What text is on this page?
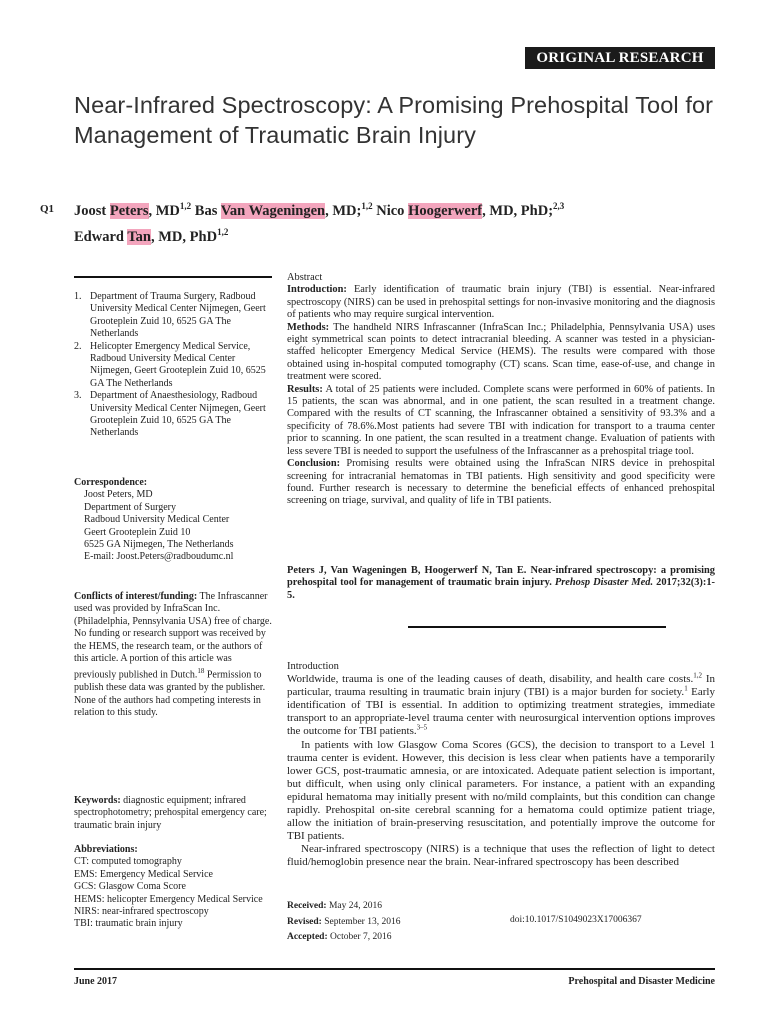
ORIGINAL RESEARCH
Near-Infrared Spectroscopy: A Promising Prehospital Tool for Management of Traumatic Brain Injury
Q1 Joost Peters, MD$^{1,2}$ Bas Van Wageningen, MD;$^{1,2}$ Nico Hoogerwerf, MD, PhD;$^{2,3}$
Edward Tan, MD, PhD$^{1,2}$
1. Department of Trauma Surgery, Radboud University Medical Center Nijmegen, Geert Grooteplein Zuid 10, 6525 GA The Netherlands
2. Helicopter Emergency Medical Service, Radboud University Medical Center Nijmegen, Geert Grooteplein Zuid 10, 6525 GA The Netherlands
3. Department of Anaesthesiology, Radboud University Medical Center Nijmegen, Geert Grooteplein Zuid 10, 6525 GA The Netherlands
Correspondence:
Joost Peters, MD
Department of Surgery
Radboud University Medical Center
Geert Grooteplein Zuid 10
6525 GA Nijmegen, The Netherlands
E-mail: Joost.Peters@radboudumc.nl
Conflicts of interest/funding: The Infrascanner used was provided by InfraScan Inc. (Philadelphia, Pennsylvania USA) free of charge. No funding or research support was received by the HEMS, the research team, or the authors of this article. A portion of this article was previously published in Dutch.$^{18}$ Permission to publish these data was granted by the publisher. None of the authors had competing interests in relation to this study.
Keywords: diagnostic equipment; infrared spectrophotometry; prehospital emergency care; traumatic brain injury
Abbreviations:
CT: computed tomography
EMS: Emergency Medical Service
GCS: Glasgow Coma Score
HEMS: helicopter Emergency Medical Service
NIRS: near-infrared spectroscopy
TBI: traumatic brain injury

Abstract

Introduction: Early identification of traumatic brain injury (TBI) is essential. Near-infrared spectroscopy (NIRS) can be used in prehospital settings for non-invasive monitoring and the diagnosis of patients who may require surgical intervention.

Methods: The handheld NIRS Infrascanner (InfraScan Inc.; Philadelphia, Pennsylvania USA) uses eight symmetrical scan points to detect intracranial bleeding. A scanner was tested in a physician-staffed helicopter Emergency Medical Service (HEMS). The results were compared with those obtained using in-hospital computed tomography (CT) scans. Scan time, ease-of-use, and change in treatment were scored.

Results: A total of 25 patients were included. Complete scans were performed in 60% of patients. In 15 patients, the scan was abnormal, and in one patient, the scan resulted in a treatment change. Compared with the results of CT scanning, the Infrascanner obtained a sensitivity of 93.3% and a specificity of 78.6%.Most patients had severe TBI with indication for transport to a trauma center prior to scanning. In one patient, the scan resulted in a treatment change. Evaluation of patients with less severe TBI is needed to support the usefulness of the Infrascanner as a prehospital triage tool.

Conclusion: Promising results were obtained using the InfraScan NIRS device in prehospital screening for intracranial hematomas in TBI patients. High sensitivity and good specificity were found. Further research is necessary to determine the beneficial effects of enhanced prehospital screening on triage, survival, and quality of life in TBI patients.

Peters J, Van Wageningen B, Hoogerwerf N, Tan E. Near-infrared spectroscopy: a promising prehospital tool for management of traumatic brain injury. Prehosp Disaster Med. 2017;32(3):1-5.

Introduction

Worldwide, trauma is one of the leading causes of death, disability, and health care costs.$^{1,2}$ In particular, trauma resulting in traumatic brain injury (TBI) is a major burden for society.$^1$ Early identification of TBI is essential. In addition to optimizing treatment strategies, immediate transport to an appropriate-level trauma center with neurosurgical intervention options improves the outcome for TBI patients.$^{3-5}$

In patients with low Glasgow Coma Scores (GCS), the decision to transport to a Level 1 trauma center is evident. However, this decision is less clear when patients have a temporarily lower GCS, post-traumatic amnesia, or are intoxicated. Adequate patient selection is important, but difficult, when using only clinical parameters. For instance, a patient with an expanding epidural hematoma may initially present with no/mild complaints, but this condition can change rapidly. Prehospital on-site cerebral scanning for a hematoma could optimize patient triage, allow the initiation of brain-preserving resuscitation, and potentially improve the outcome for TBI patients.

Near-infrared spectroscopy (NIRS) is a technique that uses the reflection of light to detect fluid/hemoglobin presence near the brain. Near-infrared spectroscopy has been described

Received: May 24, 2016
Revised: September 13, 2016
Accepted: October 7, 2016
doi:10.1017/S1049023X17006367
June 2017	Prehospital and Disaster Medicine
